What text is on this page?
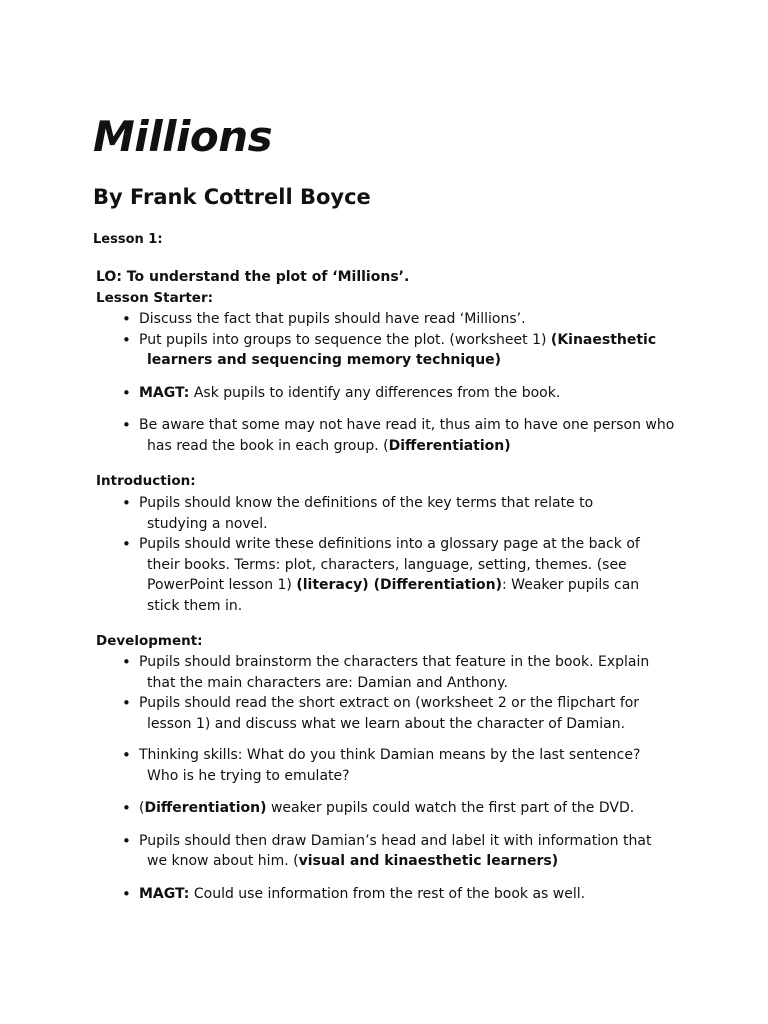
Millions
By Frank Cottrell Boyce
Lesson 1:
LO: To understand the plot of ‘Millions’.
Lesson Starter:
• Discuss the fact that pupils should have read ‘Millions’.
• Put pupils into groups to sequence the plot. (worksheet 1) (Kinaesthetic
learners and sequencing memory technique)
• MAGT: Ask pupils to identify any differences from the book.
• Be aware that some may not have read it, thus aim to have one person who
has read the book in each group. (Differentiation)
Introduction:
• Pupils should know the definitions of the key terms that relate to
studying a novel.
• Pupils should write these definitions into a glossary page at the back of
their books. Terms: plot, characters, language, setting, themes. (see
PowerPoint lesson 1) (literacy) (Differentiation): Weaker pupils can
stick them in.
Development:
• Pupils should brainstorm the characters that feature in the book. Explain
that the main characters are: Damian and Anthony.
• Pupils should read the short extract on (worksheet 2 or the flipchart for
lesson 1) and discuss what we learn about the character of Damian.
• Thinking skills: What do you think Damian means by the last sentence?
Who is he trying to emulate?
• (Differentiation) weaker pupils could watch the first part of the DVD.
• Pupils should then draw Damian’s head and label it with information that
we know about him. (visual and kinaesthetic learners)
• MAGT: Could use information from the rest of the book as well.
